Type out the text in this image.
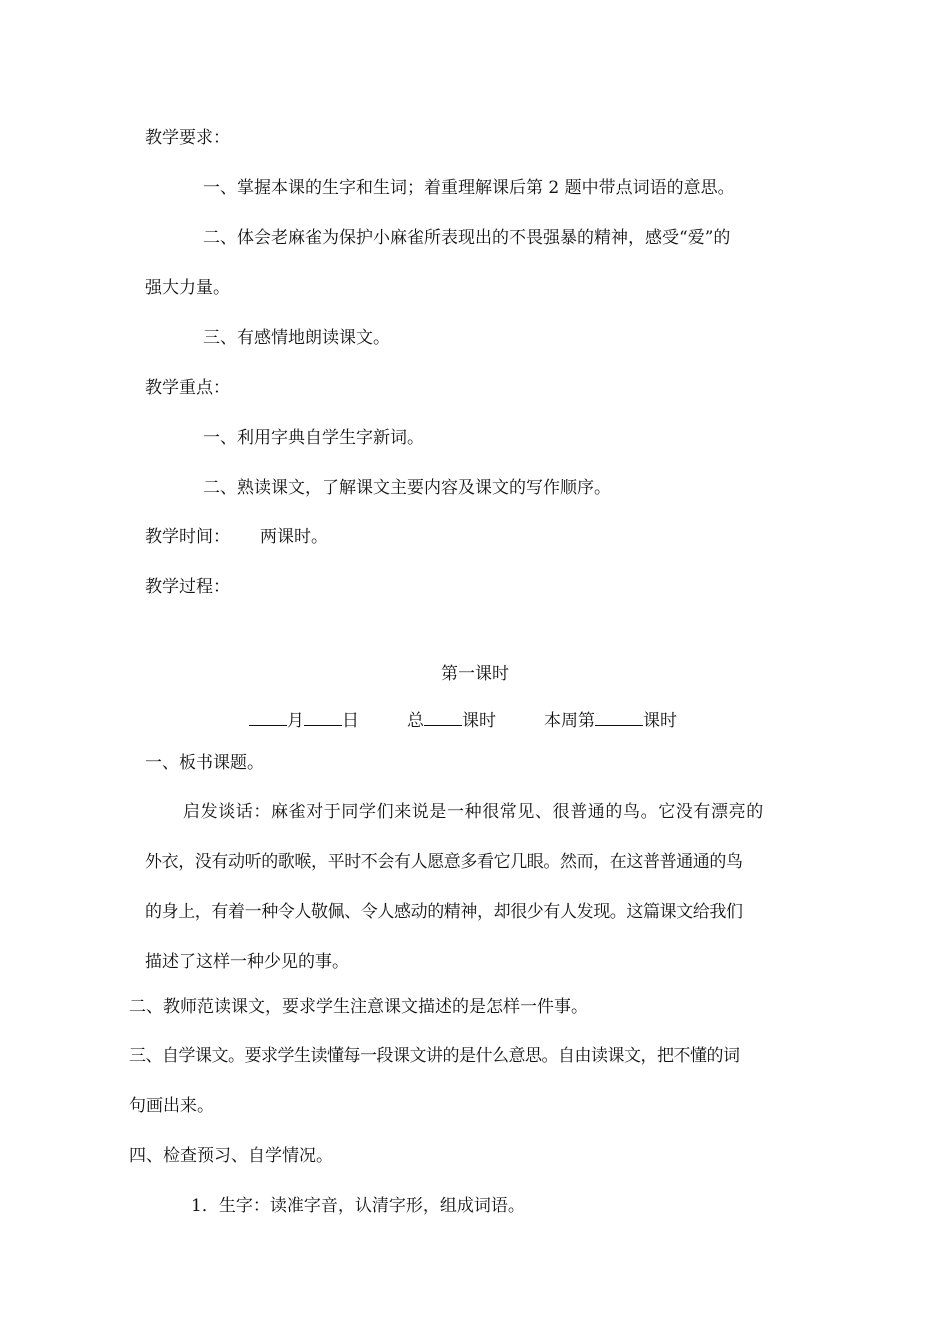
教学要求：
一、掌握本课的生字和生词；着重理解课后第 2 题中带点词语的意思。
二、体会老麻雀为保护小麻雀所表现出的不畏强暴的精神，感受“爱”的
强大力量。
三、有感情地朗读课文。
教学重点：
一、利用字典自学生字新词。
二、熟读课文，了解课文主要内容及课文的写作顺序。
教学时间： 两课时。
教学过程：
第一课时
月 日	总 课时	本周第	课时
一、板书课题。
启发谈话：麻雀对于同学们来说是一种很常见、很普通的鸟。它没有漂亮的
外衣，没有动听的歌喉，平时不会有人愿意多看它几眼。然而，在这普普通通的鸟
的身上，有着一种令人敬佩、令人感动的精神，却很少有人发现。这篇课文给我们
描述了这样一种少见的事。
二、教师范读课文，要求学生注意课文描述的是怎样一件事。
三、自学课文。要求学生读懂每一段课文讲的是什么意思。自由读课文，把不懂的词
句画出来。
四、检查预习、自学情况。
1．生字：读准字音，认清字形，组成词语。
